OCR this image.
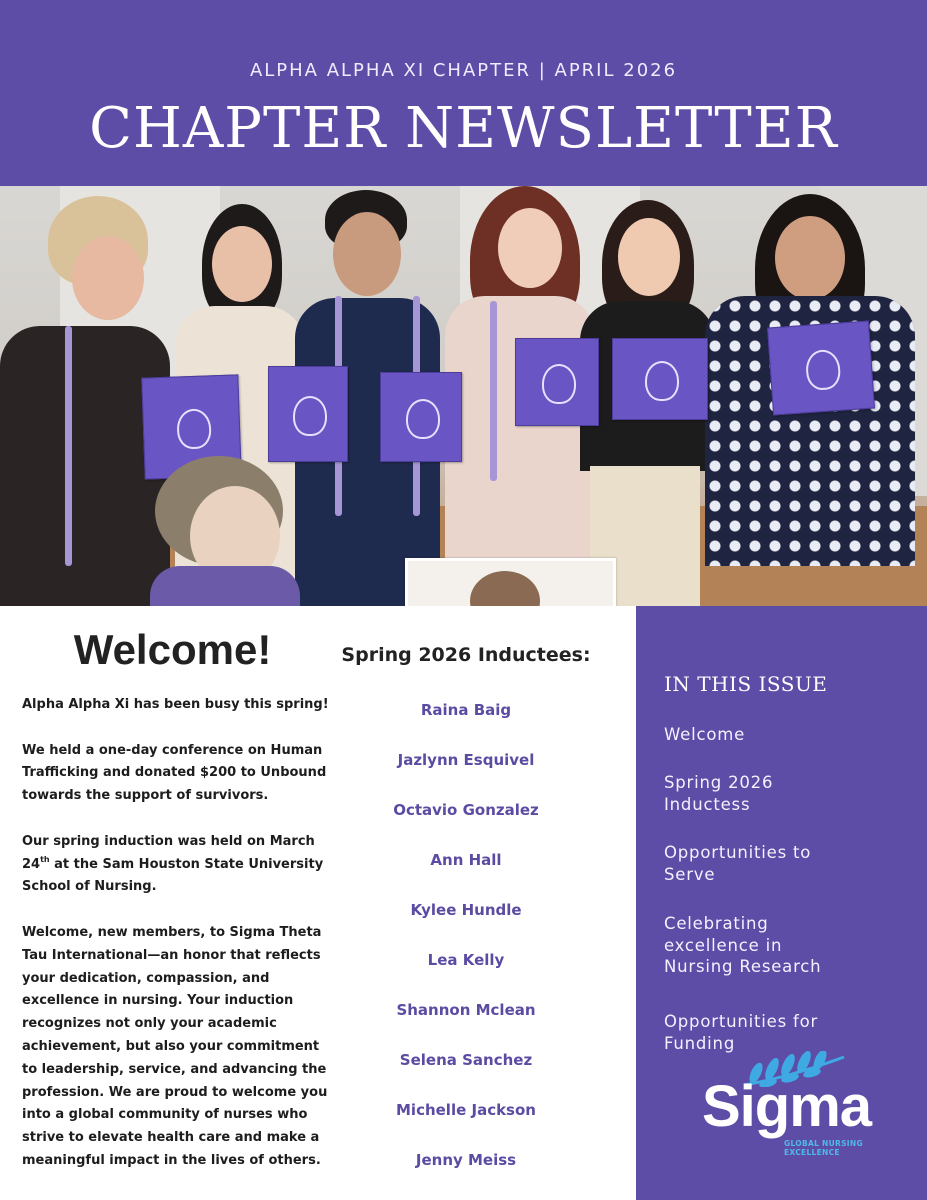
ALPHA ALPHA XI CHAPTER | APRIL 2026
CHAPTER NEWSLETTER
Welcome!

Alpha Alpha Xi has been busy this spring!

We held a one-day conference on Human Trafficking and donated $200 to Unbound towards the support of survivors.

Our spring induction was held on March 24th at the Sam Houston State University School of Nursing.

Welcome, new members, to Sigma Theta Tau International—an honor that reflects your dedication, compassion, and excellence in nursing. Your induction recognizes not only your academic achievement, but also your commitment to leadership, service, and advancing the profession. We are proud to welcome you into a global community of nurses who strive to elevate health care and make a meaningful impact in the lives of others.

Spring 2026 Inductees:
Raina Baig
Jazlynn Esquivel
Octavio Gonzalez
Ann Hall
Kylee Hundle
Lea Kelly
Shannon Mclean
Selena Sanchez
Michelle Jackson
Jenny Meiss
IN THIS ISSUE
Welcome
Spring 2026 Inductess
Opportunities to Serve
Celebrating excellence in Nursing Research
Opportunities for Funding
Sigma
GLOBAL NURSING
EXCELLENCE
